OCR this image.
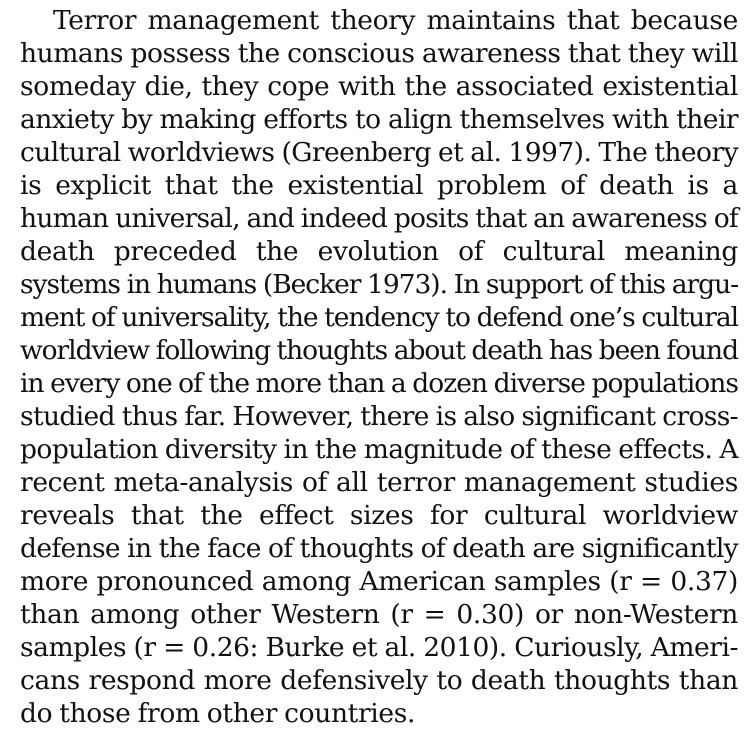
Terror management theory maintains that because
humans possess the conscious awareness that they will
someday die, they cope with the associated existential
anxiety by making efforts to align themselves with their
cultural worldviews (Greenberg et al. 1997). The theory
is explicit that the existential problem of death is a
human universal, and indeed posits that an awareness of
death preceded the evolution of cultural meaning
systems in humans (Becker 1973). In support of this argu-
ment of universality, the tendency to defend one’s cultural
worldview following thoughts about death has been found
in every one of the more than a dozen diverse populations
studied thus far. However, there is also significant cross-
population diversity in the magnitude of these effects. A
recent meta-analysis of all terror management studies
reveals that the effect sizes for cultural worldview
defense in the face of thoughts of death are significantly
more pronounced among American samples (r = 0.37)
than among other Western (r = 0.30) or non-Western
samples (r = 0.26: Burke et al. 2010). Curiously, Ameri-
cans respond more defensively to death thoughts than
do those from other countries.
